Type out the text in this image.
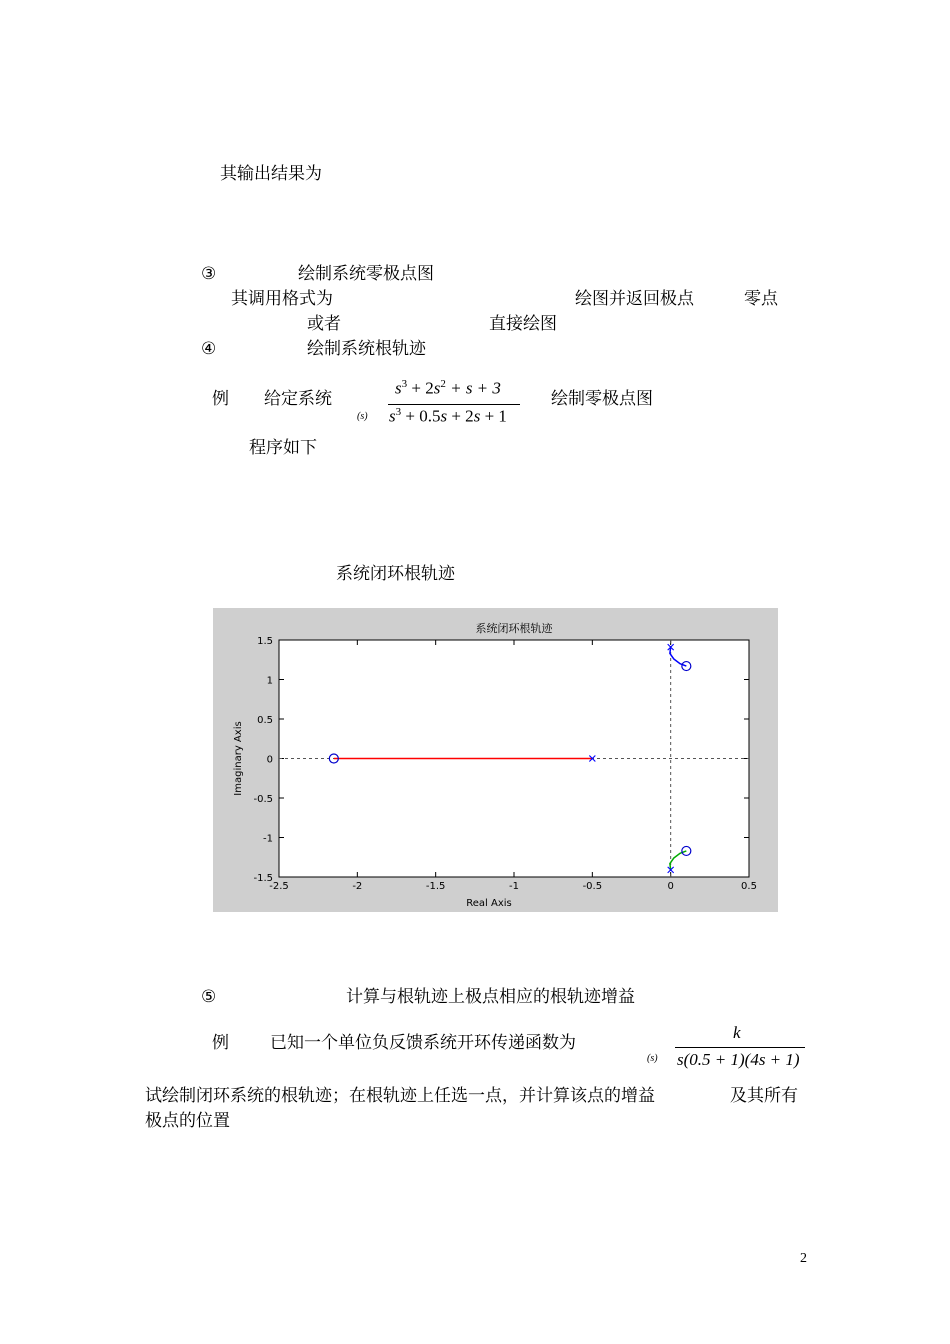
其输出结果为
③	绘制系统零极点图
其调用格式为	绘图并返回极点	零点
或者	直接绘图
④	绘制系统根轨迹
例 给定系统
(s)
$s^3 + 2s^2 + s + 3$
$s^3 + 0.5s + 2s + 1$
绘制零极点图
程序如下
系统闭环根轨迹
系统闭环根轨迹
-2.5	-2	-1.5	-1	-0.5	0	0.5
1.5
1
0.5
0
-0.5
-1
-1.5
Real Axis
Imaginary Axis
⑤	计算与根轨迹上极点相应的根轨迹增益
例 已知一个单位负反馈系统开环传递函数为
(s)
k
s(0.5 + 1)(4s + 1)
试绘制闭环系统的根轨迹；在根轨迹上任选一点，并计算该点的增益	及其所有
极点的位置
2
